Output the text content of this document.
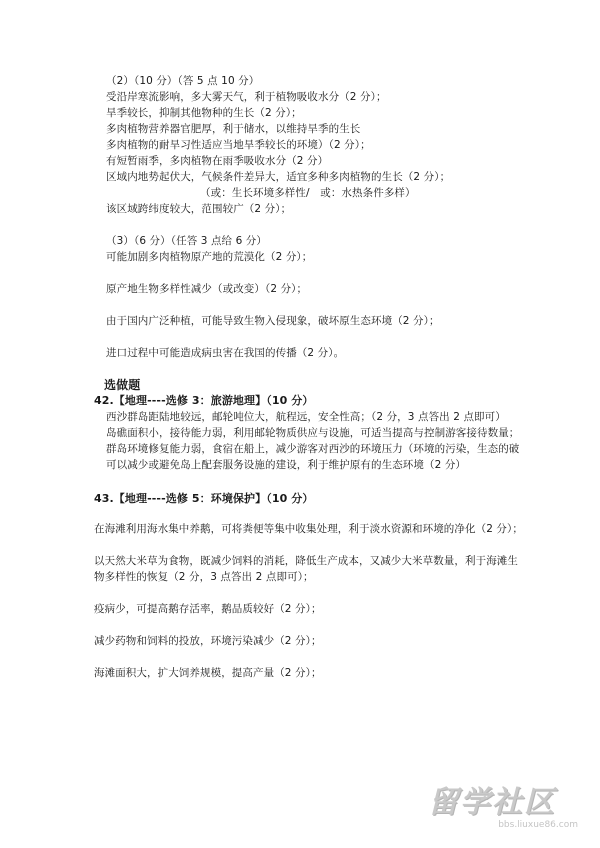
（2）（10 分）（答 5 点 10 分）
受沿岸寒流影响，多大雾天气，利于植物吸收水分（2 分）；
旱季较长，抑制其他物种的生长（2 分）；
多肉植物营养器官肥厚，利于储水，以维持旱季的生长
多肉植物的耐旱习性适应当地旱季较长的环境）（2 分）；
有短暂雨季，多肉植物在雨季吸收水分（2 分）
区域内地势起伏大，气候条件差异大，适宜多种多肉植物的生长（2 分）；
（或：生长环境多样性/　或：水热条件多样）
该区域跨纬度较大，范围较广（2 分）；
（3）（6 分）（任答 3 点给 6 分）
可能加剧多肉植物原产地的荒漠化（2 分）；
原产地生物多样性减少（或改变）（2 分）；
由于国内广泛种植，可能导致生物入侵现象，破坏原生态环境（2 分）；
进口过程中可能造成病虫害在我国的传播（2 分）。
选做题
42.【地理----选修 3：旅游地理】（10 分）
西沙群岛距陆地较远，邮轮吨位大，航程远，安全性高；（2 分，3 点答出 2 点即可）
岛礁面积小，接待能力弱，利用邮轮物质供应与设施，可适当提高与控制游客接待数量；
群岛环境修复能力弱，食宿在船上，减少游客对西沙的环境压力（环境的污染，生态的破
可以减少或避免岛上配套服务设施的建设，利于维护原有的生态环境（2 分）
43.【地理----选修 5：环境保护】（10 分）
在海滩利用海水集中养鹅，可将粪便等集中收集处理，利于淡水资源和环境的净化（2 分）；
以天然大米草为食物，既减少饲料的消耗，降低生产成本，又减少大米草数量，利于海滩生
物多样性的恢复（2 分，3 点答出 2 点即可）；
疫病少，可提高鹅存活率，鹅品质较好（2 分）；
减少药物和饲料的投放，环境污染减少（2 分）；
海滩面积大，扩大饲养规模，提高产量（2 分）；
留学社区
bbs.liuxue86.com
